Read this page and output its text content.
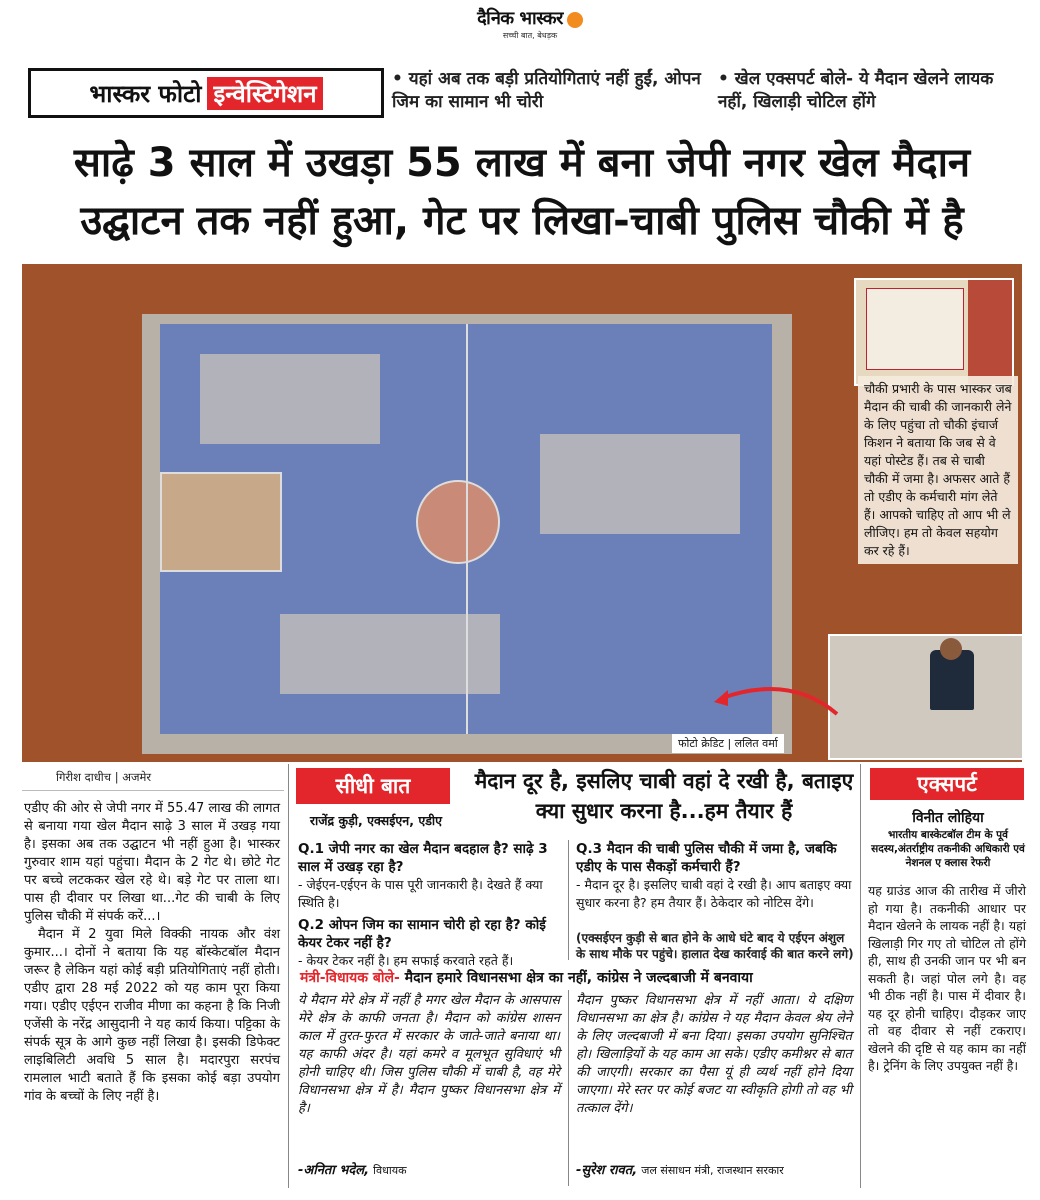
दैनिक भास्कर
सच्ची बात, बेधड़क
भास्कर फोटो इन्वेस्टिगेशन
• यहां अब तक बड़ी प्रतियोगिताएं नहीं हुईं, ओपन जिम का सामान भी चोरी
• खेल एक्सपर्ट बोले- ये मैदान खेलने लायक नहीं, खिलाड़ी चोटिल होंगे
साढ़े 3 साल में उखड़ा 55 लाख में बना जेपी नगर खेल मैदान
उद्घाटन तक नहीं हुआ, गेट पर लिखा-चाबी पुलिस चौकी में है
चौकी प्रभारी के पास भास्कर जब मैदान की चाबी की जानकारी लेने के लिए पहुंचा तो चौकी इंचार्ज किशन ने बताया कि जब से वे यहां पोस्टेड हैं। तब से चाबी चौकी में जमा है। अफसर आते हैं तो एडीए के कर्मचारी मांग लेते हैं। आपको चाहिए तो आप भी ले लीजिए। हम तो केवल सहयोग कर रहे हैं।
फोटो क्रेडिट | ललित वर्मा
गिरीश दाधीच | अजमेर
एडीए की ओर से जेपी नगर में 55.47 लाख की लागत से बनाया गया खेल मैदान साढ़े 3 साल में उखड़ गया है। इसका अब तक उद्घाटन भी नहीं हुआ है। भास्कर गुरुवार शाम यहां पहुंचा। मैदान के 2 गेट थे। छोटे गेट पर बच्चे लटककर खेल रहे थे। बड़े गेट पर ताला था। पास ही दीवार पर लिखा था...गेट की चाबी के लिए पुलिस चौकी में संपर्क करें...।
मैदान में 2 युवा मिले विक्की नायक और वंश कुमार...। दोनों ने बताया कि यह बॉस्केटबॉल मैदान जरूर है लेकिन यहां कोई बड़ी प्रतियोगिताएं नहीं होती। एडीए द्वारा 28 मई 2022 को यह काम पूरा किया गया। एडीए एईएन राजीव मीणा का कहना है कि निजी एजेंसी के नरेंद्र आसुदानी ने यह कार्य किया। पट्टिका के संपर्क सूत्र के आगे कुछ नहीं लिखा है। इसकी डिफेक्ट लाइबिलिटी अवधि 5 साल है। मदारपुरा सरपंच रामलाल भाटी बताते हैं कि इसका कोई बड़ा उपयोग गांव के बच्चों के लिए नहीं है।
सीधी बात
राजेंद्र कुड़ी, एक्सईएन, एडीए
मैदान दूर है, इसलिए चाबी वहां दे रखी है, बताइए क्या सुधार करना है...हम तैयार हैं
Q.1 जेपी नगर का खेल मैदान बदहाल है? साढ़े 3 साल में उखड़ रहा है?
- जेईएन-एईएन के पास पूरी जानकारी है। देखते हैं क्या स्थिति है।
Q.2 ओपन जिम का सामान चोरी हो रहा है? कोई केयर टेकर नहीं है?
- केयर टेकर नहीं है। हम सफाई करवाते रहते हैं।
Q.3 मैदान की चाबी पुलिस चौकी में जमा है, जबकि एडीए के पास सैकड़ों कर्मचारी हैं?
- मैदान दूर है। इसलिए चाबी वहां दे रखी है। आप बताइए क्या सुधार करना है? हम तैयार हैं। ठेकेदार को नोटिस देंगे।
(एक्सईएन कुड़ी से बात होने के आधे घंटे बाद ये एईएन अंशुल के साथ मौके पर पहुंचे। हालात देख कार्रवाई की बात करने लगे)
मंत्री-विधायक बोले- मैदान हमारे विधानसभा क्षेत्र का नहीं, कांग्रेस ने जल्दबाजी में बनवाया
ये मैदान मेरे क्षेत्र में नहीं है मगर खेल मैदान के आसपास मेरे क्षेत्र के काफी जनता है। मैदान को कांग्रेस शासन काल में तुरत-फुरत में सरकार के जाते-जाते बनाया था। यह काफी अंदर है। यहां कमरे व मूलभूत सुविधाएं भी होनी चाहिए थी। जिस पुलिस चौकी में चाबी है, वह मेरे विधानसभा क्षेत्र में है। मैदान पुष्कर विधानसभा क्षेत्र में है।
-अनिता भदेल, विधायक
मैदान पुष्कर विधानसभा क्षेत्र में नहीं आता। ये दक्षिण विधानसभा का क्षेत्र है। कांग्रेस ने यह मैदान केवल श्रेय लेने के लिए जल्दबाजी में बना दिया। इसका उपयोग सुनिश्चित हो। खिलाड़ियों के यह काम आ सके। एडीए कमीश्नर से बात की जाएगी। सरकार का पैसा यूं ही व्यर्थ नहीं होने दिया जाएगा। मेरे स्तर पर कोई बजट या स्वीकृति होगी तो वह भी तत्काल देंगे।
-सुरेश रावत, जल संसाधन मंत्री, राजस्थान सरकार
एक्सपर्ट
विनीत लोहिया
भारतीय बास्केटबॉल टीम के पूर्व सदस्य,अंतर्राष्ट्रीय तकनीकी अधिकारी एवं नेशनल ए क्लास रेफरी
यह ग्राउंड आज की तारीख में जीरो हो गया है। तकनीकी आधार पर मैदान खेलने के लायक नहीं है। यहां खिलाड़ी गिर गए तो चोटिल तो होंगे ही, साथ ही उनकी जान पर भी बन सकती है। जहां पोल लगे है। वह भी ठीक नहीं है। पास में दीवार है। यह दूर होनी चाहिए। दौड़कर जाए तो वह दीवार से नहीं टकराए। खेलने की दृष्टि से यह काम का नहीं है। ट्रेनिंग के लिए उपयुक्त नहीं है।
